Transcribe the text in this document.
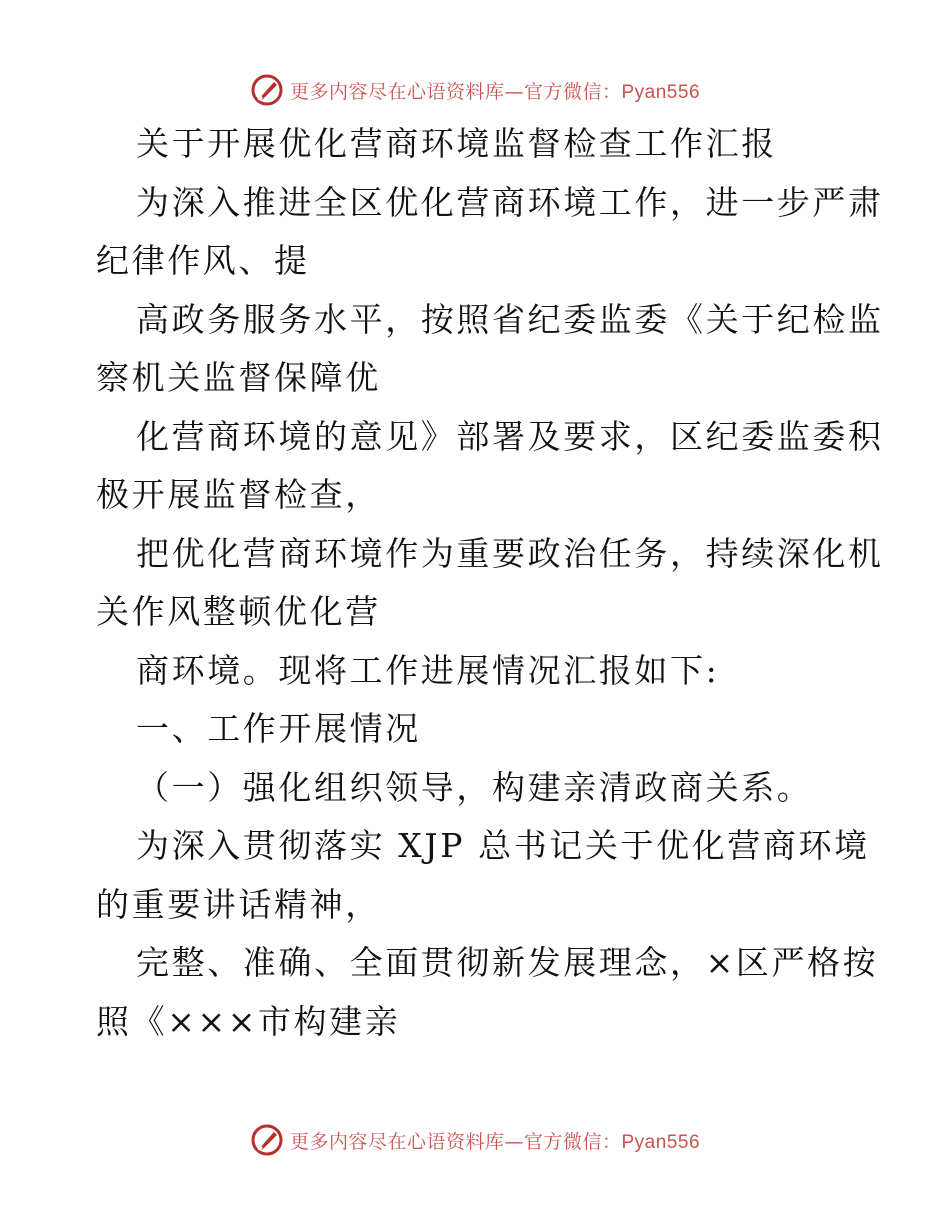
更多内容尽在心语资料库—官方微信：Pyan556
关于开展优化营商环境监督检查工作汇报
为深入推进全区优化营商环境工作，进一步严肃
纪律作风、提
高政务服务水平，按照省纪委监委《关于纪检监
察机关监督保障优
化营商环境的意见》部署及要求，区纪委监委积
极开展监督检查，
把优化营商环境作为重要政治任务，持续深化机
关作风整顿优化营
商环境。现将工作进展情况汇报如下:
一、工作开展情况
（一）强化组织领导，构建亲清政商关系。
为深入贯彻落实 XJP 总书记关于优化营商环境
的重要讲话精神，
完整、准确、全面贯彻新发展理念，×区严格按
照《×××市构建亲
更多内容尽在心语资料库—官方微信：Pyan556
